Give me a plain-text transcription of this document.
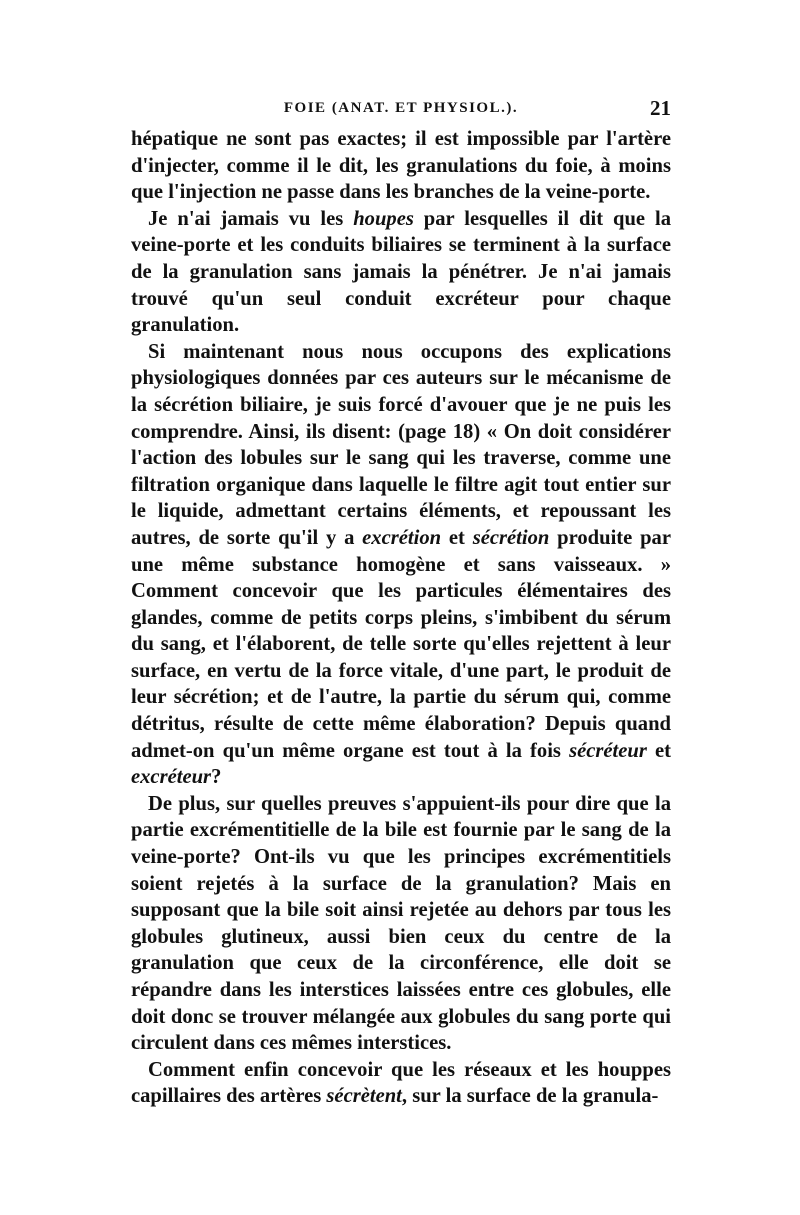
FOIE (ANAT. ET PHYSIOL.).	21

hépatique ne sont pas exactes; il est impossible par l'artère d'injecter, comme il le dit, les granulations du foie, à moins que l'injection ne passe dans les branches de la veine-porte.

Je n'ai jamais vu les houpes par lesquelles il dit que la veine-porte et les conduits biliaires se terminent à la surface de la granulation sans jamais la pénétrer. Je n'ai jamais trouvé qu'un seul conduit excréteur pour chaque granulation.

Si maintenant nous nous occupons des explications physiologiques données par ces auteurs sur le mécanisme de la sécrétion biliaire, je suis forcé d'avouer que je ne puis les comprendre. Ainsi, ils disent: (page 18) « On doit considérer l'action des lobules sur le sang qui les traverse, comme une filtration organique dans laquelle le filtre agit tout entier sur le liquide, admettant certains éléments, et repoussant les autres, de sorte qu'il y a excrétion et sécrétion produite par une même substance homogène et sans vaisseaux. » Comment concevoir que les particules élémentaires des glandes, comme de petits corps pleins, s'imbibent du sérum du sang, et l'élaborent, de telle sorte qu'elles rejettent à leur surface, en vertu de la force vitale, d'une part, le produit de leur sécrétion; et de l'autre, la partie du sérum qui, comme détritus, résulte de cette même élaboration? Depuis quand admet-on qu'un même organe est tout à la fois sécréteur et excréteur?

De plus, sur quelles preuves s'appuient-ils pour dire que la partie excrémentitielle de la bile est fournie par le sang de la veine-porte? Ont-ils vu que les principes excrémentitiels soient rejetés à la surface de la granulation? Mais en supposant que la bile soit ainsi rejetée au dehors par tous les globules glutineux, aussi bien ceux du centre de la granulation que ceux de la circonférence, elle doit se répandre dans les interstices laissées entre ces globules, elle doit donc se trouver mélangée aux globules du sang porte qui circulent dans ces mêmes interstices.

Comment enfin concevoir que les réseaux et les houppes capillaires des artères sécrètent, sur la surface de la granula-
